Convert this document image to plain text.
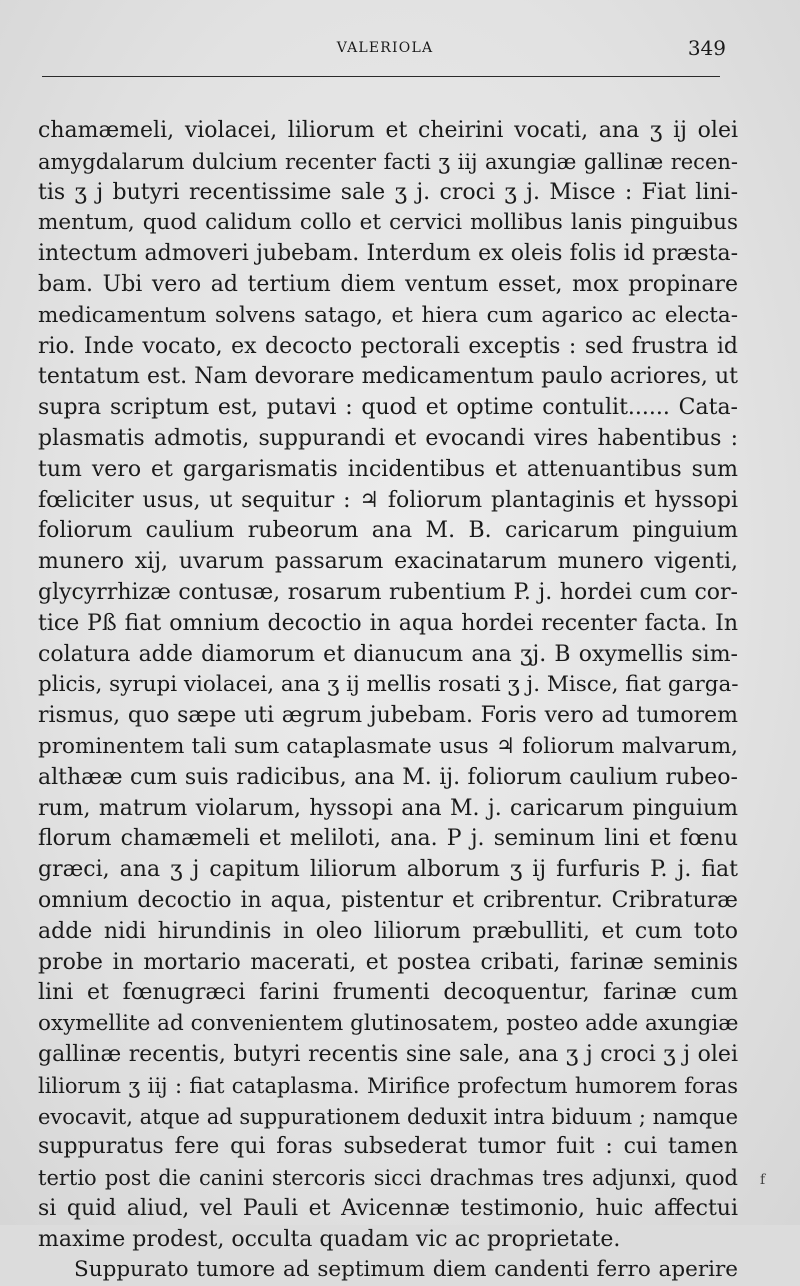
VALERIOLA	349
chamæmeli, violacei, liliorum et cheirini vocati, ana ʒ ij olei
amygdalarum dulcium recenter facti ʒ iij axungiæ gallinæ recen-
tis ʒ j butyri recentissime sale ʒ j. croci ʒ j. Misce : Fiat lini-
mentum, quod calidum collo et cervici mollibus lanis pinguibus
intectum admoveri jubebam. Interdum ex oleis folis id præsta-
bam. Ubi vero ad tertium diem ventum esset, mox propinare
medicamentum solvens satago, et hiera cum agarico ac electa-
rio. Inde vocato, ex decocto pectorali exceptis : sed frustra id
tentatum est. Nam devorare medicamentum paulo acriores, ut
supra scriptum est, putavi : quod et optime contulit...... Cata-
plasmatis admotis, suppurandi et evocandi vires habentibus :
tum vero et gargarismatis incidentibus et attenuantibus sum
fœliciter usus, ut sequitur : ♃ foliorum plantaginis et hyssopi
foliorum caulium rubeorum ana M. B. caricarum pinguium
munero xij, uvarum passarum exacinatarum munero vigenti,
glycyrrhizæ contusæ, rosarum rubentium P. j. hordei cum cor-
tice Pß fiat omnium decoctio in aqua hordei recenter facta. In
colatura adde diamorum et dianucum ana ʒj. B oxymellis sim-
plicis, syrupi violacei, ana ʒ ij mellis rosati ʒ j. Misce, fiat garga-
rismus, quo sæpe uti ægrum jubebam. Foris vero ad tumorem
prominentem tali sum cataplasmate usus ♃ foliorum malvarum,
althææ cum suis radicibus, ana M. ij. foliorum caulium rubeo-
rum, matrum violarum, hyssopi ana M. j. caricarum pinguium
florum chamæmeli et meliloti, ana. P j. seminum lini et fœnu
græci, ana ʒ j capitum liliorum alborum ʒ ij furfuris P. j. fiat
omnium decoctio in aqua, pistentur et cribrentur. Cribraturæ
adde nidi hirundinis in oleo liliorum præbulliti, et cum toto
probe in mortario macerati, et postea cribati, farinæ seminis
lini et fœnugræci farini frumenti decoquentur, farinæ cum
oxymellite ad convenientem glutinosatem, posteo adde axungiæ
gallinæ recentis, butyri recentis sine sale, ana ʒ j croci ʒ j olei
liliorum ʒ iij : fiat cataplasma. Mirifice profectum humorem foras
evocavit, atque ad suppurationem deduxit intra biduum ; namque
suppuratus fere qui foras subsederat tumor fuit : cui tamen
tertio post die canini stercoris sicci drachmas tres adjunxi, quod
si quid aliud, vel Pauli et Avicennæ testimonio, huic affectui
maxime prodest, occulta quadam vic ac proprietate.
Suppurato tumore ad septimum diem candenti ferro aperire
f
